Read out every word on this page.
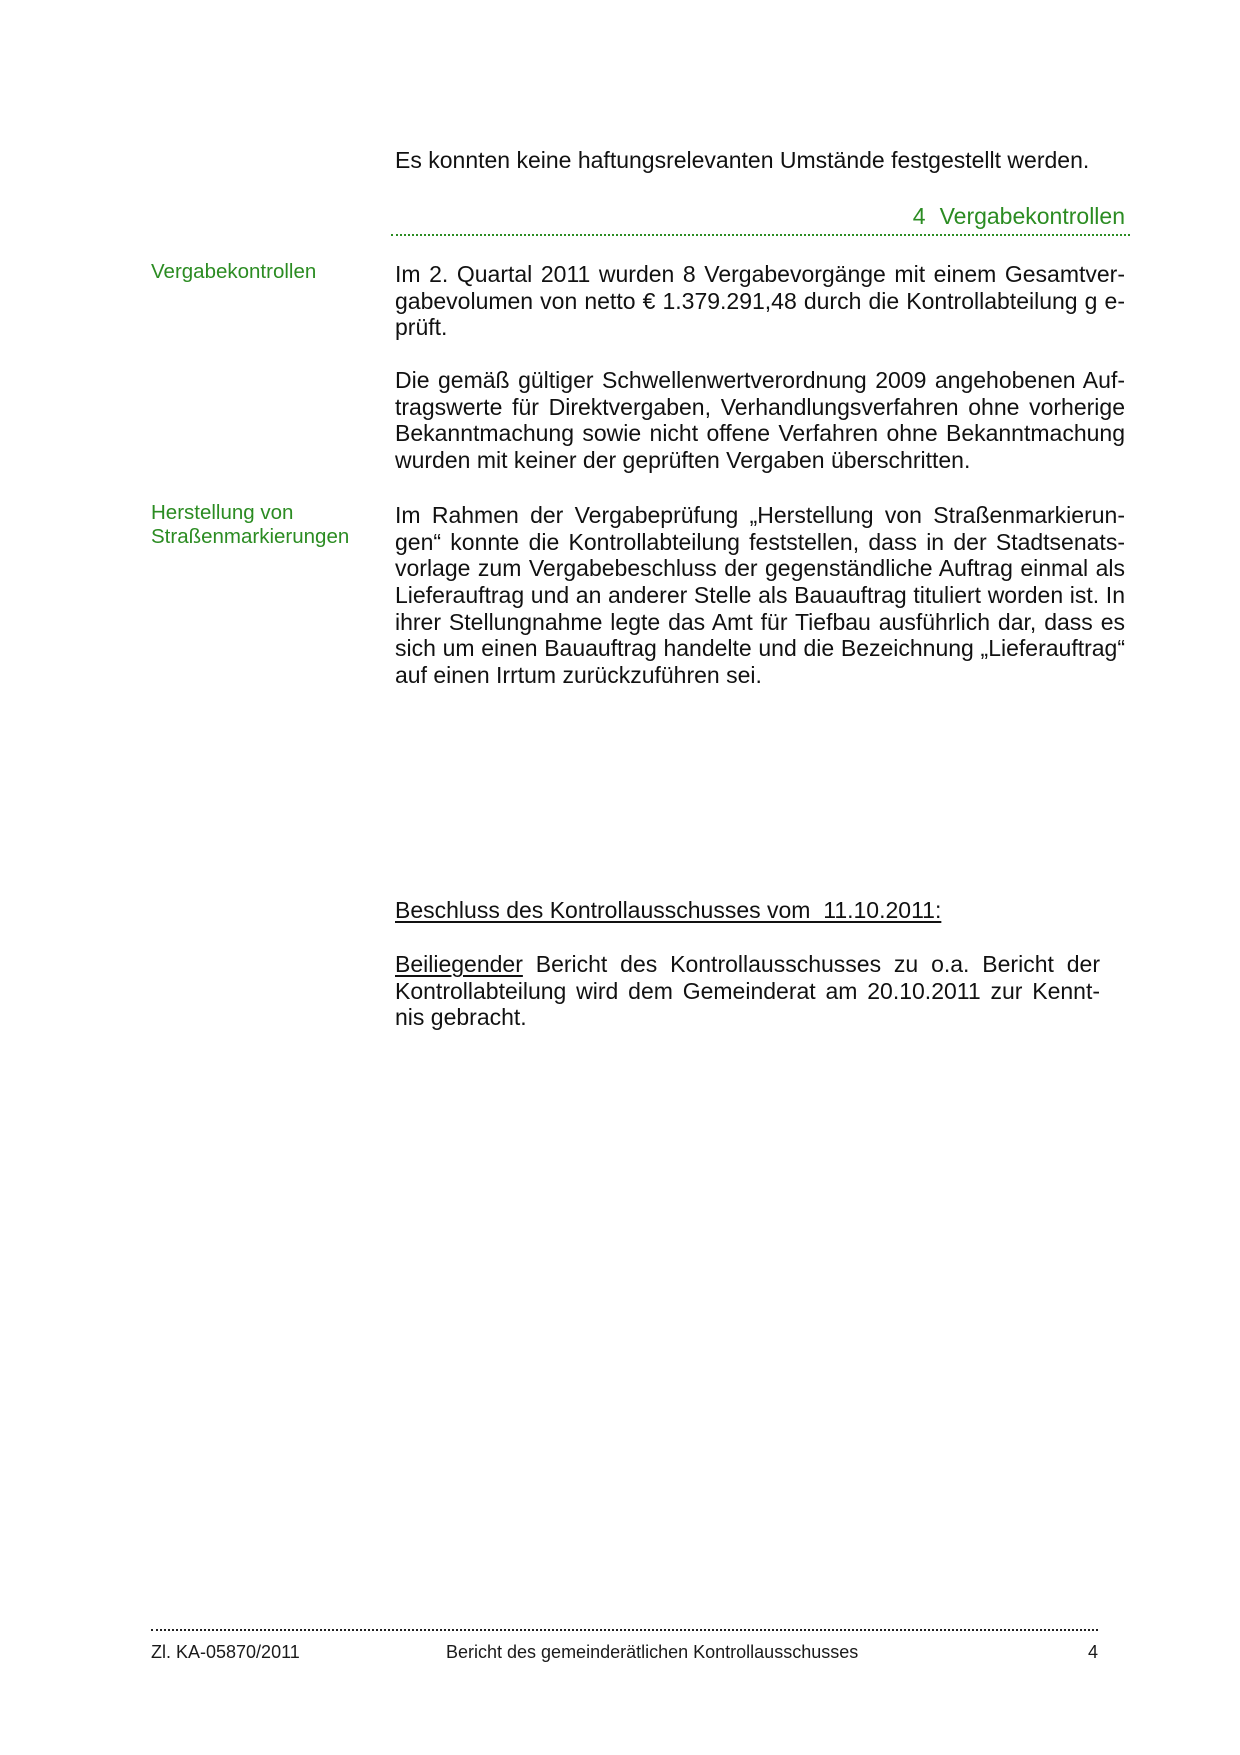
Es konnten keine haftungsrelevanten Umstände festgestellt werden.
4 Vergabekontrollen
Vergabekontrollen
Herstellung von
Straßenmarkierungen
Im 2. Quartal 2011 wurden 8 Vergabevorgänge mit einem Gesamtver-
gabevolumen von netto € 1.379.291,48 durch die Kontrollabteilung g e-
prüft.
Die gemäß gültiger Schwellenwertverordnung 2009 angehobenen Auf-
tragswerte für Direktvergaben, Verhandlungsverfahren ohne vorherige
Bekanntmachung sowie nicht offene Verfahren ohne Bekanntmachung
wurden mit keiner der geprüften Vergaben überschritten.
Im Rahmen der Vergabeprüfung „Herstellung von Straßenmarkierun-
gen“ konnte die Kontrollabteilung feststellen, dass in der Stadtsenats-
vorlage zum Vergabebeschluss der gegenständliche Auftrag einmal als
Lieferauftrag und an anderer Stelle als Bauauftrag tituliert worden ist. In
ihrer Stellungnahme legte das Amt für Tiefbau ausführlich dar, dass es
sich um einen Bauauftrag handelte und die Bezeichnung „Lieferauftrag“
auf einen Irrtum zurückzuführen sei.
Beschluss des Kontrollausschusses vom  11.10.2011:
Beiliegender Bericht des Kontrollausschusses zu o.a. Bericht der
Kontrollabteilung wird dem Gemeinderat am 20.10.2011 zur Kennt-
nis gebracht.
Zl. KA-05870/2011	Bericht des gemeinderätlichen Kontrollausschusses	4
